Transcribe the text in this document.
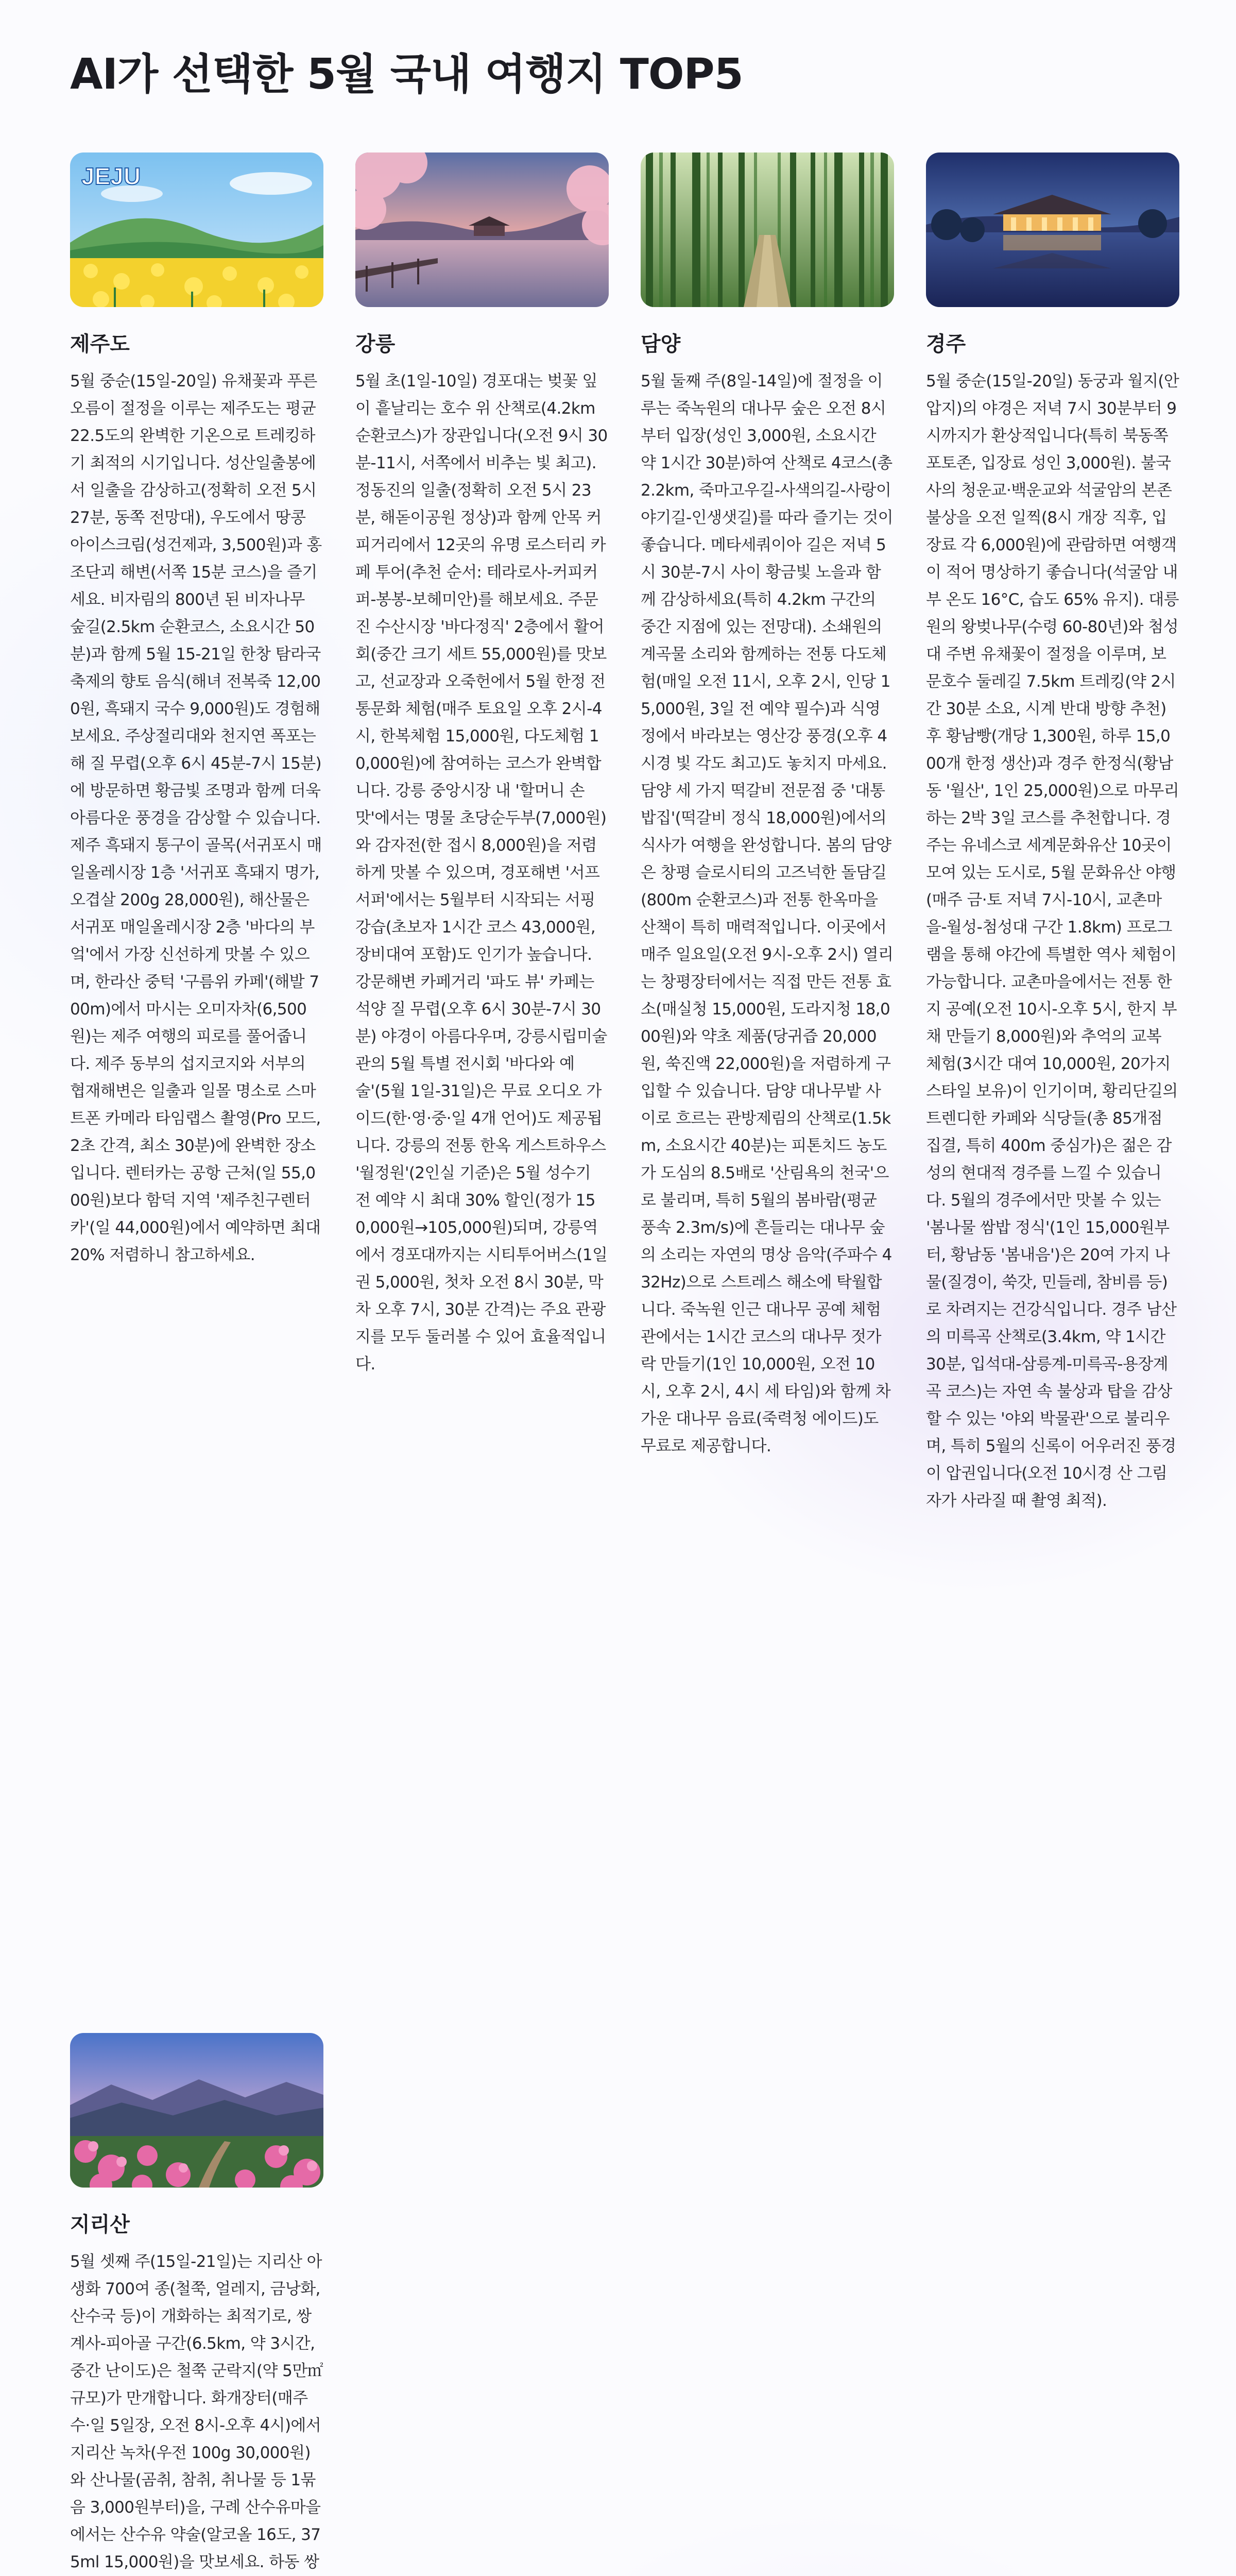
AI가 선택한 5월 국내 여행지 TOP5
JEJU
제주도

5월 중순(15일-20일) 유채꽃과 푸른 오름이 절정을 이루는 제주도는 평균 22.5도의 완벽한 기온으로 트레킹하기 최적의 시기입니다. 성산일출봉에서 일출을 감상하고(정확히 오전 5시 27분, 동쪽 전망대), 우도에서 땅콩 아이스크림(성건제과, 3,500원)과 홍조단괴 해변(서쪽 15분 코스)을 즐기세요. 비자림의 800년 된 비자나무 숲길(2.5km 순환코스, 소요시간 50분)과 함께 5월 15-21일 한창 탐라국 축제의 향토 음식(해녀 전복죽 12,000원, 흑돼지 국수 9,000원)도 경험해보세요. 주상절리대와 천지연 폭포는 해 질 무렵(오후 6시 45분-7시 15분)에 방문하면 황금빛 조명과 함께 더욱 아름다운 풍경을 감상할 수 있습니다. 제주 흑돼지 통구이 골목(서귀포시 매일올레시장 1층 '서귀포 흑돼지 명가, 오겹살 200g 28,000원), 해산물은 서귀포 매일올레시장 2층 '바다의 부엌'에서 가장 신선하게 맛볼 수 있으며, 한라산 중턱 '구름위 카페'(해발 700m)에서 마시는 오미자차(6,500원)는 제주 여행의 피로를 풀어줍니다. 제주 동부의 섭지코지와 서부의 협재해변은 일출과 일몰 명소로 스마트폰 카메라 타임랩스 촬영(Pro 모드, 2초 간격, 최소 30분)에 완벽한 장소입니다. 렌터카는 공항 근처(일 55,000원)보다 함덕 지역 '제주친구렌터카'(일 44,000원)에서 예약하면 최대 20% 저렴하니 참고하세요.

강릉

5월 초(1일-10일) 경포대는 벚꽃 잎이 흩날리는 호수 위 산책로(4.2km 순환코스)가 장관입니다(오전 9시 30분-11시, 서쪽에서 비추는 빛 최고). 정동진의 일출(정확히 오전 5시 23분, 해돋이공원 정상)과 함께 안목 커피거리에서 12곳의 유명 로스터리 카페 투어(추천 순서: 테라로사-커피커퍼-봉봉-보헤미안)를 해보세요. 주문진 수산시장 '바다정직' 2층에서 활어회(중간 크기 세트 55,000원)를 맛보고, 선교장과 오죽헌에서 5월 한정 전통문화 체험(매주 토요일 오후 2시-4시, 한복체험 15,000원, 다도체험 10,000원)에 참여하는 코스가 완벽합니다. 강릉 중앙시장 내 '할머니 손맛'에서는 명물 초당순두부(7,000원)와 감자전(한 접시 8,000원)을 저렴하게 맛볼 수 있으며, 경포해변 '서프서퍼'에서는 5월부터 시작되는 서핑 강습(초보자 1시간 코스 43,000원, 장비대여 포함)도 인기가 높습니다. 강문해변 카페거리 '파도 뷰' 카페는 석양 질 무렵(오후 6시 30분-7시 30분) 야경이 아름다우며, 강릉시립미술관의 5월 특별 전시회 '바다와 예술'(5월 1일-31일)은 무료 오디오 가이드(한·영·중·일 4개 언어)도 제공됩니다. 강릉의 전통 한옥 게스트하우스 '월정원'(2인실 기준)은 5월 성수기 전 예약 시 최대 30% 할인(정가 150,000원→105,000원)되며, 강릉역에서 경포대까지는 시티투어버스(1일권 5,000원, 첫차 오전 8시 30분, 막차 오후 7시, 30분 간격)는 주요 관광지를 모두 둘러볼 수 있어 효율적입니다.

담양

5월 둘째 주(8일-14일)에 절정을 이루는 죽녹원의 대나무 숲은 오전 8시부터 입장(성인 3,000원, 소요시간 약 1시간 30분)하여 산책로 4코스(총 2.2km, 죽마고우길-사색의길-사랑이야기길-인생샛길)를 따라 즐기는 것이 좋습니다. 메타세쿼이아 길은 저녁 5시 30분-7시 사이 황금빛 노을과 함께 감상하세요(특히 4.2km 구간의 중간 지점에 있는 전망대). 소쇄원의 계곡물 소리와 함께하는 전통 다도체험(매일 오전 11시, 오후 2시, 인당 15,000원, 3일 전 예약 필수)과 식영정에서 바라보는 영산강 풍경(오후 4시경 빛 각도 최고)도 놓치지 마세요. 담양 세 가지 떡갈비 전문점 중 '대통밥집'(떡갈비 정식 18,000원)에서의 식사가 여행을 완성합니다. 봄의 담양은 창평 슬로시티의 고즈넉한 돌담길(800m 순환코스)과 전통 한옥마을 산책이 특히 매력적입니다. 이곳에서 매주 일요일(오전 9시-오후 2시) 열리는 창평장터에서는 직접 만든 전통 효소(매실청 15,000원, 도라지청 18,000원)와 약초 제품(당귀즙 20,000원, 쑥진액 22,000원)을 저렴하게 구입할 수 있습니다. 담양 대나무밭 사이로 흐르는 관방제림의 산책로(1.5km, 소요시간 40분)는 피톤치드 농도가 도심의 8.5배로 '산림욕의 천국'으로 불리며, 특히 5월의 봄바람(평균 풍속 2.3m/s)에 흔들리는 대나무 숲의 소리는 자연의 명상 음악(주파수 432Hz)으로 스트레스 해소에 탁월합니다. 죽녹원 인근 대나무 공예 체험관에서는 1시간 코스의 대나무 젓가락 만들기(1인 10,000원, 오전 10시, 오후 2시, 4시 세 타임)와 함께 차가운 대나무 음료(죽력청 에이드)도 무료로 제공합니다.

경주

5월 중순(15일-20일) 동궁과 월지(안압지)의 야경은 저녁 7시 30분부터 9시까지가 환상적입니다(특히 북동쪽 포토존, 입장료 성인 3,000원). 불국사의 청운교·백운교와 석굴암의 본존불상을 오전 일찍(8시 개장 직후, 입장료 각 6,000원)에 관람하면 여행객이 적어 명상하기 좋습니다(석굴암 내부 온도 16°C, 습도 65% 유지). 대릉원의 왕벚나무(수령 60-80년)와 첨성대 주변 유채꽃이 절정을 이루며, 보문호수 둘레길 7.5km 트레킹(약 2시간 30분 소요, 시계 반대 방향 추천) 후 황남빵(개당 1,300원, 하루 15,000개 한정 생산)과 경주 한정식(황남동 '월산', 1인 25,000원)으로 마무리하는 2박 3일 코스를 추천합니다. 경주는 유네스코 세계문화유산 10곳이 모여 있는 도시로, 5월 문화유산 야행(매주 금·토 저녁 7시-10시, 교촌마을-월성-첨성대 구간 1.8km) 프로그램을 통해 야간에 특별한 역사 체험이 가능합니다. 교촌마을에서는 전통 한지 공예(오전 10시-오후 5시, 한지 부채 만들기 8,000원)와 추억의 교복 체험(3시간 대여 10,000원, 20가지 스타일 보유)이 인기이며, 황리단길의 트렌디한 카페와 식당들(총 85개점 집결, 특히 400m 중심가)은 젊은 감성의 현대적 경주를 느낄 수 있습니다. 5월의 경주에서만 맛볼 수 있는 '봄나물 쌈밥 정식'(1인 15,000원부터, 황남동 '봄내음')은 20여 가지 나물(질경이, 쑥갓, 민들레, 참비름 등)로 차려지는 건강식입니다. 경주 남산의 미륵곡 산책로(3.4km, 약 1시간 30분, 입석대-삼릉계-미륵곡-용장계곡 코스)는 자연 속 불상과 탑을 감상할 수 있는 '야외 박물관'으로 불리우며, 특히 5월의 신록이 어우러진 풍경이 압권입니다(오전 10시경 산 그림자가 사라질 때 촬영 최적).

지리산

5월 셋째 주(15일-21일)는 지리산 아생화 700여 종(철쭉, 얼레지, 금낭화, 산수국 등)이 개화하는 최적기로, 쌍계사-피아골 구간(6.5km, 약 3시간, 중간 난이도)은 철쭉 군락지(약 5만㎡ 규모)가 만개합니다. 화개장터(매주 수·일 5일장, 오전 8시-오후 4시)에서 지리산 녹차(우전 100g 30,000원)와 산나물(곰취, 참취, 취나물 등 1묶음 3,000원부터)을, 구례 산수유마을에서는 산수유 약술(알코올 16도, 375ml 15,000원)을 맛보세요. 하동 쌍
